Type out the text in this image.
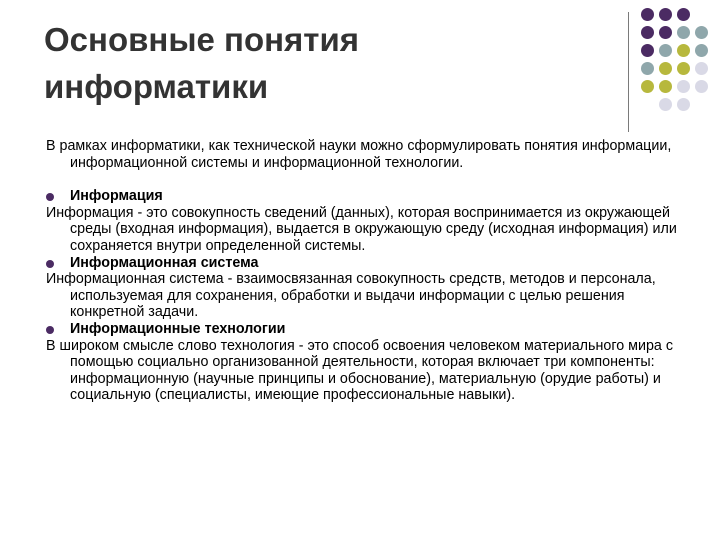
Основные понятия
информатики

В рамках информатики, как технической науки можно сформулировать понятия информации, информационной системы и информационной технологии.

Информация

Информация - это совокупность сведений (данных), которая воспринимается из окружающей среды (входная информация), выдается в окружающую среду (исходная информация) или сохраняется внутри определенной системы.

Информационная система

Информационная система - взаимосвязанная совокупность средств, методов и персонала, используемая для сохранения, обработки и выдачи информации с целью решения конкретной задачи.

Информационные технологии

В широком смысле слово технология - это способ освоения человеком материального мира с помощью социально организованной деятельности, которая включает три компоненты: информационную (научные принципы и обоснование), материальную (орудие работы) и социальную (специалисты, имеющие профессиональные навыки).
